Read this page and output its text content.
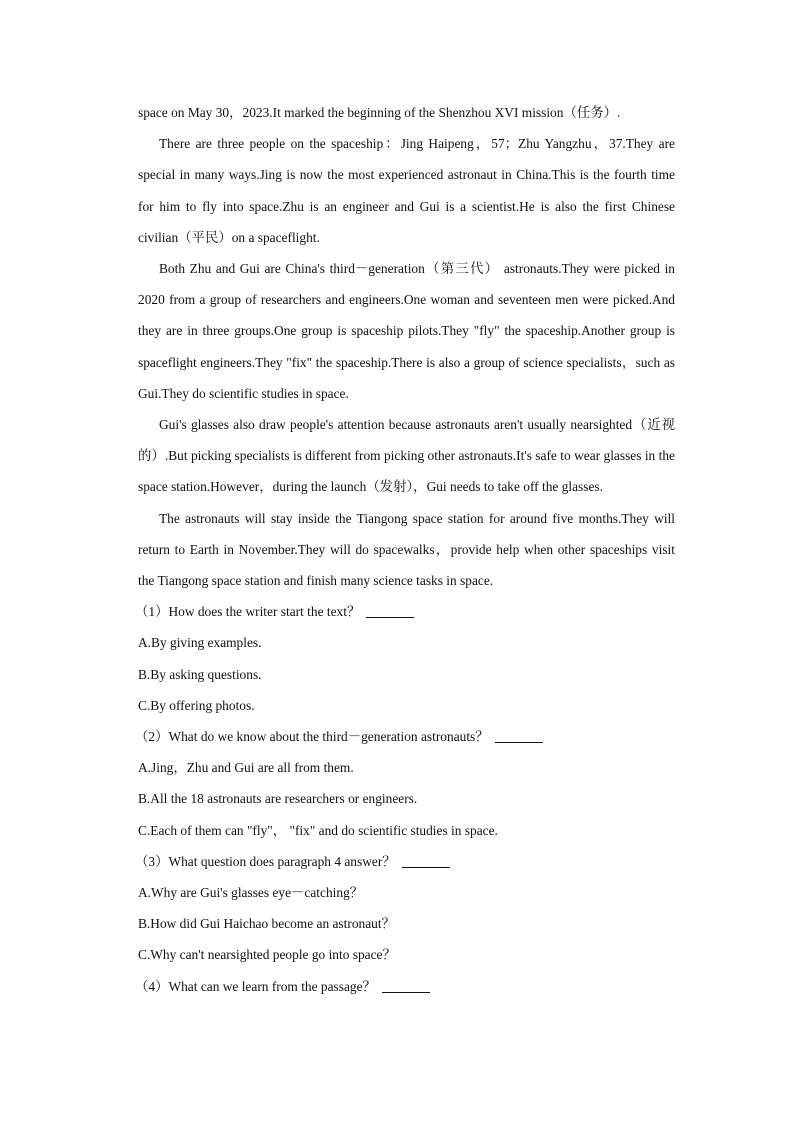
space on May 30，2023.It marked the beginning of the Shenzhou XVI mission（任务）.

There are three people on the spaceship：Jing Haipeng，57；Zhu Yangzhu，37.They are special in many ways.Jing is now the most experienced astronaut in China.This is the fourth time for him to fly into space.Zhu is an engineer and Gui is a scientist.He is also the first Chinese civilian（平民）on a spaceflight.

Both Zhu and Gui are China's third－generation（第三代） astronauts.They were picked in 2020 from a group of researchers and engineers.One woman and seventeen men were picked.And they are in three groups.One group is spaceship pilots.They "fly" the spaceship.Another group is spaceflight engineers.They "fix" the spaceship.There is also a group of science specialists，such as Gui.They do scientific studies in space.

Gui's glasses also draw people's attention because astronauts aren't usually nearsighted（近视的）.But picking specialists is different from picking other astronauts.It's safe to wear glasses in the space station.However，during the launch（发射），Gui needs to take off the glasses.

The astronauts will stay inside the Tiangong space station for around five months.They will return to Earth in November.They will do spacewalks，provide help when other spaceships visit the Tiangong space station and finish many science tasks in space.

（1）How does the writer start the text？

A.By giving examples.

B.By asking questions.

C.By offering photos.

（2）What do we know about the third－generation astronauts？

A.Jing，Zhu and Gui are all from them.

B.All the 18 astronauts are researchers or engineers.

C.Each of them can "fly"， "fix" and do scientific studies in space.

（3）What question does paragraph 4 answer？

A.Why are Gui's glasses eye－catching？

B.How did Gui Haichao become an astronaut？

C.Why can't nearsighted people go into space？

（4）What can we learn from the passage？
